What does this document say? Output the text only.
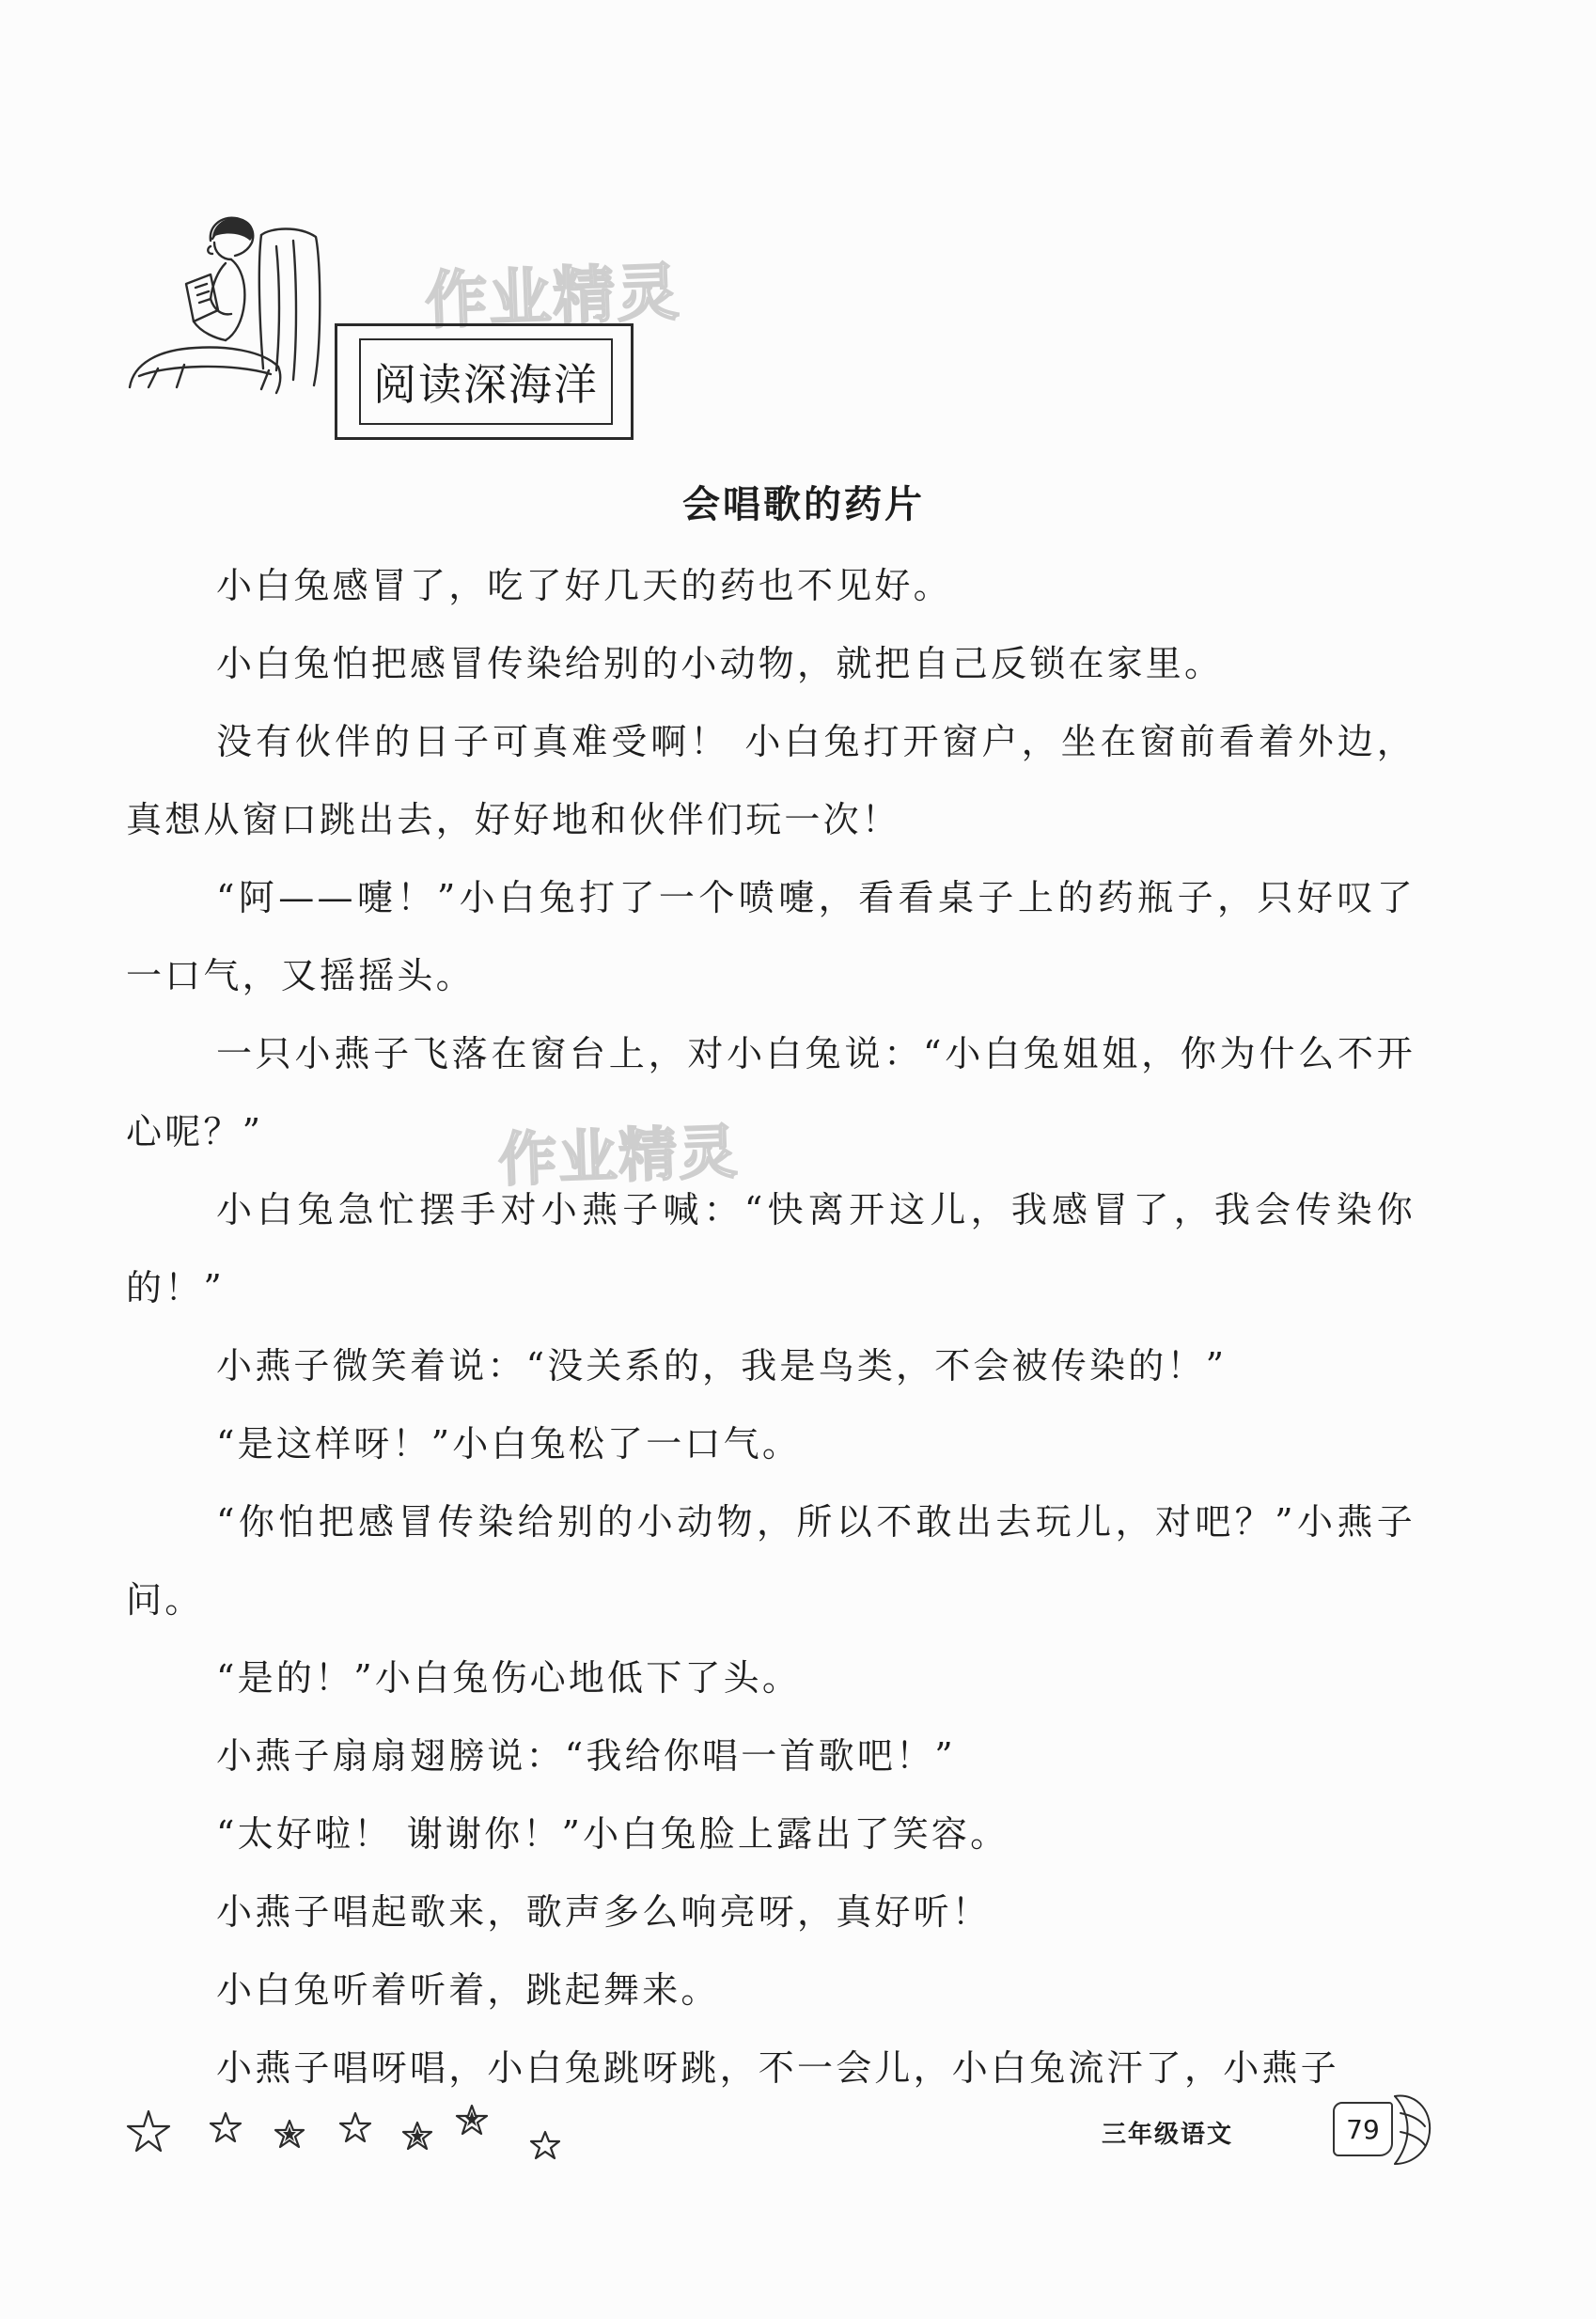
作业精灵
作业精灵
阅读深海洋
会唱歌的药片

小白兔感冒了，吃了好几天的药也不见好。

小白兔怕把感冒传染给别的小动物，就把自己反锁在家里。

没有伙伴的日子可真难受啊！ 小白兔打开窗户，坐在窗前看着外边，真想从窗口跳出去，好好地和伙伴们玩一次！

“阿——嚏！”小白兔打了一个喷嚏，看看桌子上的药瓶子，只好叹了一口气，又摇摇头。

一只小燕子飞落在窗台上，对小白兔说：“小白兔姐姐，你为什么不开心呢？”

小白兔急忙摆手对小燕子喊：“快离开这儿，我感冒了，我会传染你的！”

小燕子微笑着说：“没关系的，我是鸟类，不会被传染的！”

“是这样呀！”小白兔松了一口气。

“你怕把感冒传染给别的小动物，所以不敢出去玩儿，对吧？”小燕子问。

“是的！”小白兔伤心地低下了头。

小燕子扇扇翅膀说：“我给你唱一首歌吧！”

“太好啦！ 谢谢你！”小白兔脸上露出了笑容。

小燕子唱起歌来，歌声多么响亮呀，真好听！

小白兔听着听着，跳起舞来。

小燕子唱呀唱，小白兔跳呀跳，不一会儿，小白兔流汗了，小燕子

三年级语文	79
